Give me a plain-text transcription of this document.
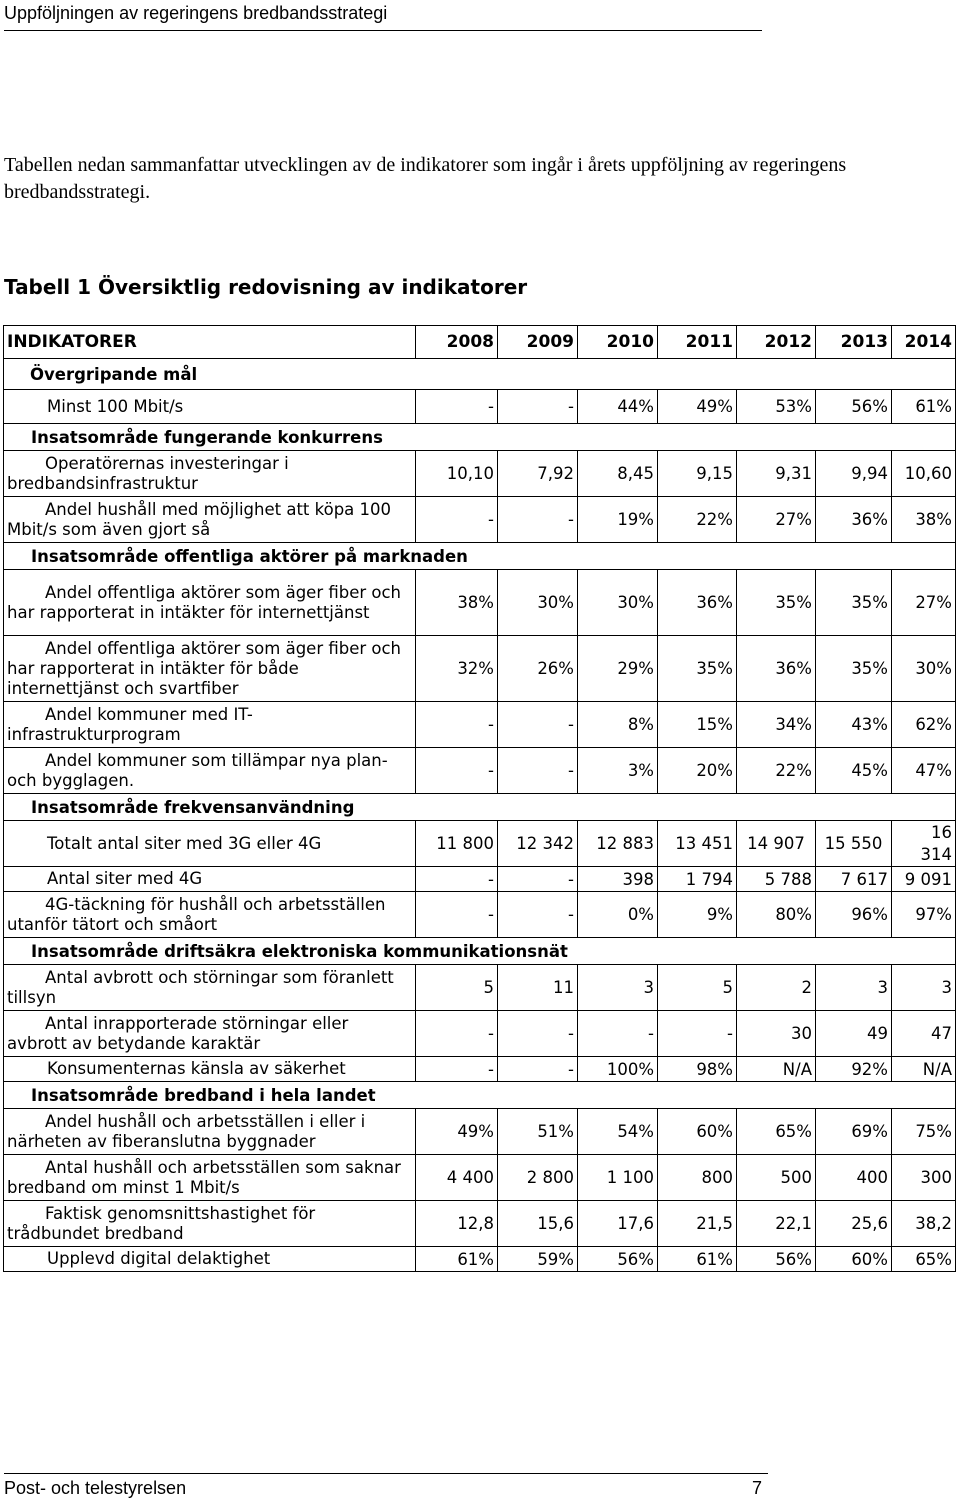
Uppföljningen av regeringens bredbandsstrategi
Tabellen nedan sammanfattar utvecklingen av de indikatorer som ingår i årets uppföljning av regeringens bredbandsstrategi.
Tabell 1 Översiktlig redovisning av indikatorer
INDIKATORER	2008	2009	2010	2011	2012	2013	2014
Övergripande mål							
Minst 100 Mbit/s	-	-	44%	49%	53%	56%	61%
Insatsområde fungerande konkurrens							

Operatörernas investeringar i bredbandsinfrastruktur	10,10	7,92	8,45	9,15	9,31	9,94	10,60

Andel hushåll med möjlighet att köpa 100 Mbit/s som även gjort så	-	-	19%	22%	27%	36%	38%
Insatsområde offentliga aktörer på marknaden							

Andel offentliga aktörer som äger fiber och har rapporterat in intäkter för internettjänst	38%	30%	30%	36%	35%	35%	27%

Andel offentliga aktörer som äger fiber och har rapporterat in intäkter för både internettjänst och svartfiber	32%	26%	29%	35%	36%	35%	30%

Andel kommuner med IT-infrastrukturprogram	-	-	8%	15%	34%	43%	62%

Andel kommuner som tillämpar nya plan- och bygglagen.	-	-	3%	20%	22%	45%	47%
Insatsområde frekvensanvändning							
Totalt antal siter med 3G eller 4G	11 800	12 342	12 883	13 451	14 907	15 550	16 314
Antal siter med 4G	-	-	398	1 794	5 788	7 617	9 091

4G-täckning för hushåll och arbetsställen utanför tätort och småort	-	-	0%	9%	80%	96%	97%
Insatsområde driftsäkra elektroniska kommunikationsnät							

Antal avbrott och störningar som föranlett tillsyn	5	11	3	5	2	3	3

Antal inrapporterade störningar eller avbrott av betydande karaktär	-	-	-	-	30	49	47
Konsumenternas känsla av säkerhet	-	-	100%	98%	N/A	92%	N/A
Insatsområde bredband i hela landet							

Andel hushåll och arbetsställen i eller i närheten av fiberanslutna byggnader	49%	51%	54%	60%	65%	69%	75%

Antal hushåll och arbetsställen som saknar bredband om minst 1 Mbit/s	4 400	2 800	1 100	800	500	400	300

Faktisk genomsnittshastighet för trådbundet bredband	12,8	15,6	17,6	21,5	22,1	25,6	38,2
Upplevd digital delaktighet	61%	59%	56%	61%	56%	60%	65%
Post- och telestyrelsen	7
